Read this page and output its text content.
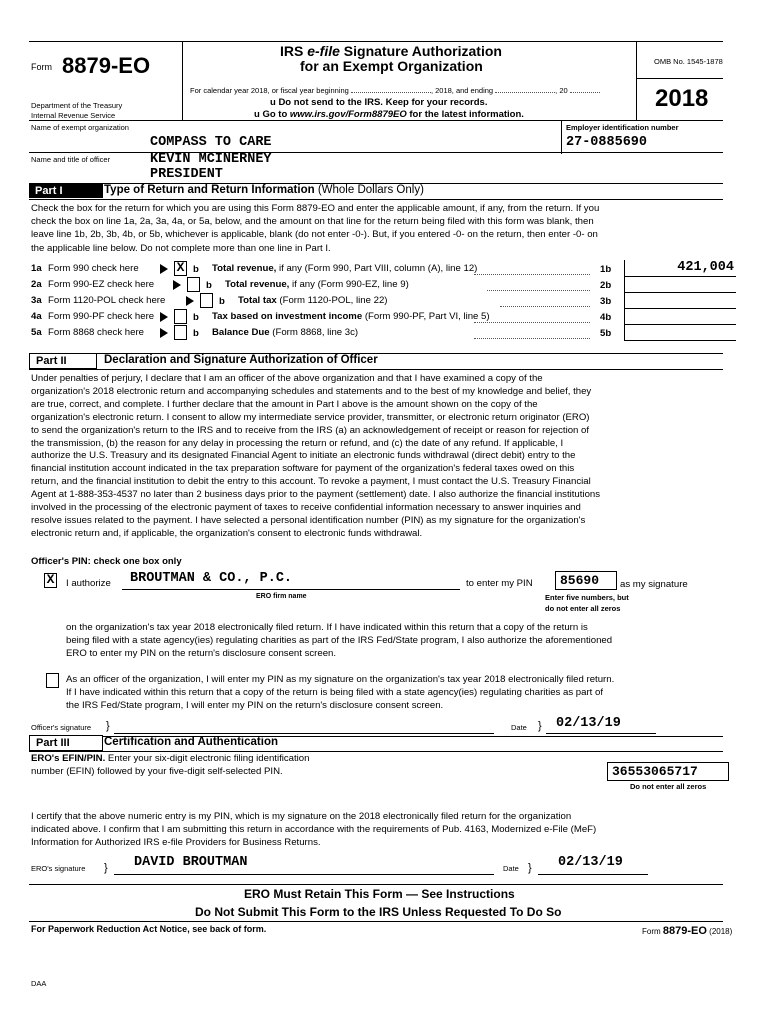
Form 8879-EO
IRS e-file Signature Authorization
for an Exempt Organization
For calendar year 2018, or fiscal year beginning	, 2018, and ending	, 20
u Do not send to the IRS. Keep for your records.
u Go to www.irs.gov/Form8879EO for the latest information.
Department of the Treasury
Internal Revenue Service
OMB No. 1545-1878
2018
Name of exempt organization	Employer identification number
COMPASS TO CARE	27-0885690
Name and title of officer	KEVIN MCINERNEY
PRESIDENT
Part I	Type of Return and Return Information (Whole Dollars Only)

Check the box for the return for which you are using this Form 8879-EO and enter the applicable amount, if any, from the return. If you

check the box on line 1a, 2a, 3a, 4a, or 5a, below, and the amount on that line for the return being filed with this form was blank, then

leave line 1b, 2b, 3b, 4b, or 5b, whichever is applicable, blank (do not enter -0-). But, if you entered -0- on the return, then enter -0- on

the applicable line below. Do not complete more than one line in Part I.

1a Form 990 check here	X b Total revenue, if any (Form 990, Part VIII, column (A), line 12)	1b	421,004
2a Form 990-EZ check here	b Total revenue, if any (Form 990-EZ, line 9)	2b
3a Form 1120-POL check here	b Total tax (Form 1120-POL, line 22)	3b
4a Form 990-PF check here	b Tax based on investment income (Form 990-PF, Part VI, line 5)	4b
5a Form 8868 check here	b Balance Due (Form 8868, line 3c)	5b
Part II	Declaration and Signature Authorization of Officer

Under penalties of perjury, I declare that I am an officer of the above organization and that I have examined a copy of the

organization's 2018 electronic return and accompanying schedules and statements and to the best of my knowledge and belief, they

are true, correct, and complete. I further declare that the amount in Part I above is the amount shown on the copy of the

organization's electronic return. I consent to allow my intermediate service provider, transmitter, or electronic return originator (ERO)

to send the organization's return to the IRS and to receive from the IRS (a) an acknowledgement of receipt or reason for rejection of

the transmission, (b) the reason for any delay in processing the return or refund, and (c) the date of any refund. If applicable, I

authorize the U.S. Treasury and its designated Financial Agent to initiate an electronic funds withdrawal (direct debit) entry to the

financial institution account indicated in the tax preparation software for payment of the organization's federal taxes owed on this

return, and the financial institution to debit the entry to this account. To revoke a payment, I must contact the U.S. Treasury Financial

Agent at 1-888-353-4537 no later than 2 business days prior to the payment (settlement) date. I also authorize the financial institutions

involved in the processing of the electronic payment of taxes to receive confidential information necessary to answer inquiries and

resolve issues related to the payment. I have selected a personal identification number (PIN) as my signature for the organization's

electronic return and, if applicable, the organization's consent to electronic funds withdrawal.

Officer's PIN: check one box only
X I authorize BROUTMAN & CO., P.C.
ERO firm name
to enter my PIN	85690	as my signature
Enter five numbers, but
do not enter all zeros

on the organization's tax year 2018 electronically filed return. If I have indicated within this return that a copy of the return is

being filed with a state agency(ies) regulating charities as part of the IRS Fed/State program, I also authorize the aforementioned

ERO to enter my PIN on the return's disclosure consent screen.

As an officer of the organization, I will enter my PIN as my signature on the organization's tax year 2018 electronically filed return.

If I have indicated within this return that a copy of the return is being filed with a state agency(ies) regulating charities as part of

the IRS Fed/State program, I will enter my PIN on the return's disclosure consent screen.

Officer's signature }	Date } 02/13/19
Part III	Certification and Authentication
ERO's EFIN/PIN. Enter your six-digit electronic filing identification
number (EFIN) followed by your five-digit self-selected PIN.	36553065717
Do not enter all zeros

I certify that the above numeric entry is my PIN, which is my signature on the 2018 electronically filed return for the organization

indicated above. I confirm that I am submitting this return in accordance with the requirements of Pub. 4163, Modernized e-File (MeF)

Information for Authorized IRS e-file Providers for Business Returns.

ERO's signature } DAVID BROUTMAN	Date } 02/13/19
ERO Must Retain This Form — See Instructions
Do Not Submit This Form to the IRS Unless Requested To Do So
For Paperwork Reduction Act Notice, see back of form.	Form 8879-EO (2018)
DAA
